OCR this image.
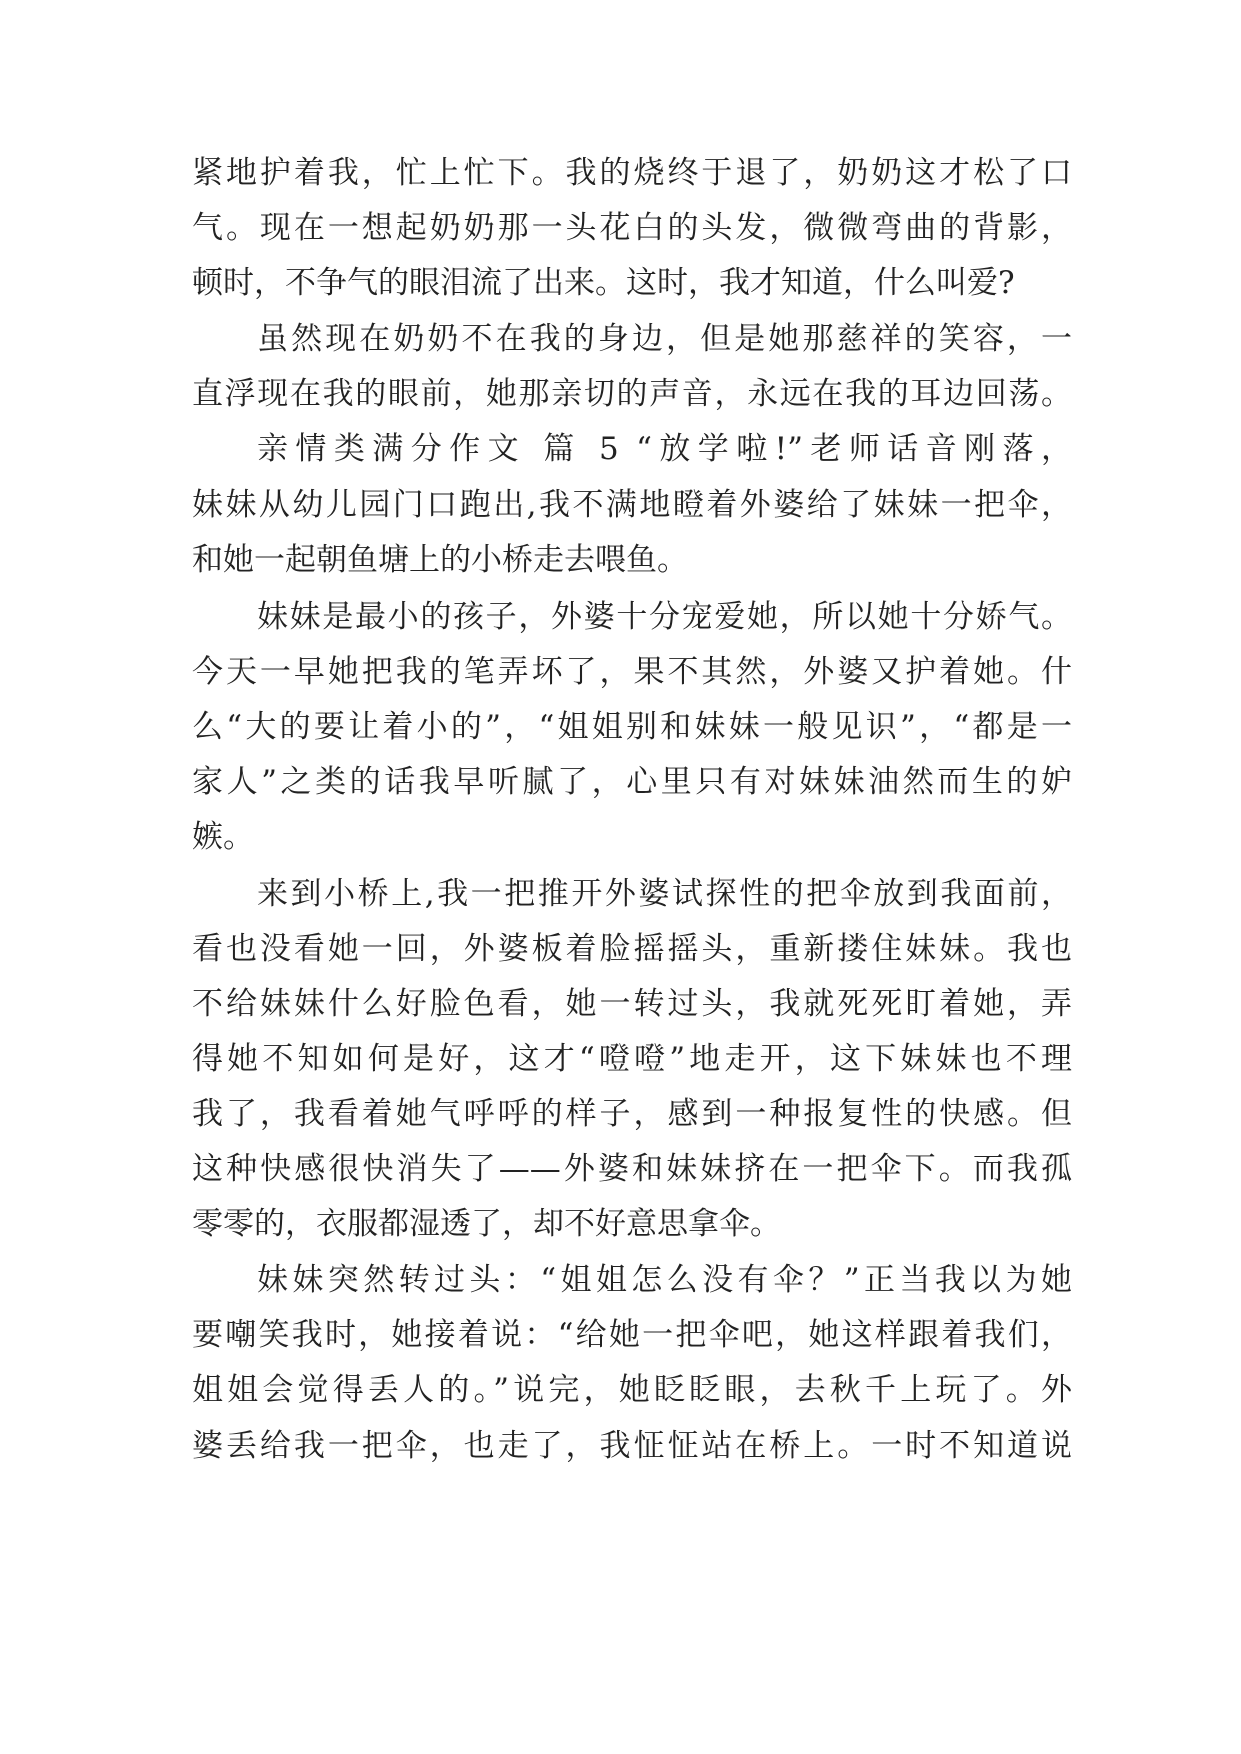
紧地护着我，忙上忙下。我的烧终于退了，奶奶这才松了口
气。现在一想起奶奶那一头花白的头发，微微弯曲的背影，
顿时，不争气的眼泪流了出来。这时，我才知道，什么叫爱?
虽然现在奶奶不在我的身边，但是她那慈祥的笑容，一
直浮现在我的眼前，她那亲切的声音，永远在我的耳边回荡。
亲情类满分作文 篇 5 “放学啦!”老师话音刚落，
妹妹从幼儿园门口跑出,我不满地瞪着外婆给了妹妹一把伞，
和她一起朝鱼塘上的小桥走去喂鱼。
妹妹是最小的孩子，外婆十分宠爱她，所以她十分娇气。
今天一早她把我的笔弄坏了，果不其然，外婆又护着她。什
么“大的要让着小的”，“姐姐别和妹妹一般见识”，“都是一
家人”之类的话我早听腻了，心里只有对妹妹油然而生的妒
嫉。
来到小桥上,我一把推开外婆试探性的把伞放到我面前，
看也没看她一回，外婆板着脸摇摇头，重新搂住妹妹。我也
不给妹妹什么好脸色看，她一转过头，我就死死盯着她，弄
得她不知如何是好，这才“噔噔”地走开，这下妹妹也不理
我了，我看着她气呼呼的样子，感到一种报复性的快感。但
这种快感很快消失了——外婆和妹妹挤在一把伞下。而我孤
零零的，衣服都湿透了，却不好意思拿伞。
妹妹突然转过头：“姐姐怎么没有伞？”正当我以为她
要嘲笑我时，她接着说：“给她一把伞吧，她这样跟着我们，
姐姐会觉得丢人的。”说完，她眨眨眼，去秋千上玩了。外
婆丢给我一把伞，也走了，我怔怔站在桥上。一时不知道说
